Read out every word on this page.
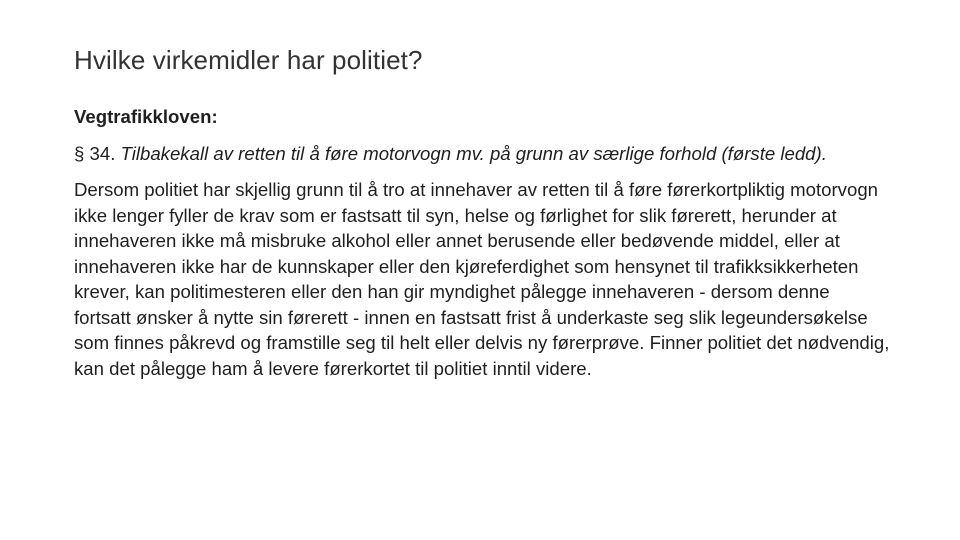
Hvilke virkemidler har politiet?

Vegtrafikkloven:

§ 34. Tilbakekall av retten til å føre motorvogn mv. på grunn av særlige forhold (første ledd).

Dersom politiet har skjellig grunn til å tro at innehaver av retten til å føre førerkortpliktig motorvogn ikke lenger fyller de krav som er fastsatt til syn, helse og førlighet for slik førerett, herunder at innehaveren ikke må misbruke alkohol eller annet berusende eller bedøvende middel, eller at innehaveren ikke har de kunnskaper eller den kjøreferdighet som hensynet til trafikksikkerheten krever, kan politimesteren eller den han gir myndighet pålegge innehaveren - dersom denne fortsatt ønsker å nytte sin førerett - innen en fastsatt frist å underkaste seg slik legeundersøkelse som finnes påkrevd og framstille seg til helt eller delvis ny førerprøve. Finner politiet det nødvendig, kan det pålegge ham å levere førerkortet til politiet inntil videre.
